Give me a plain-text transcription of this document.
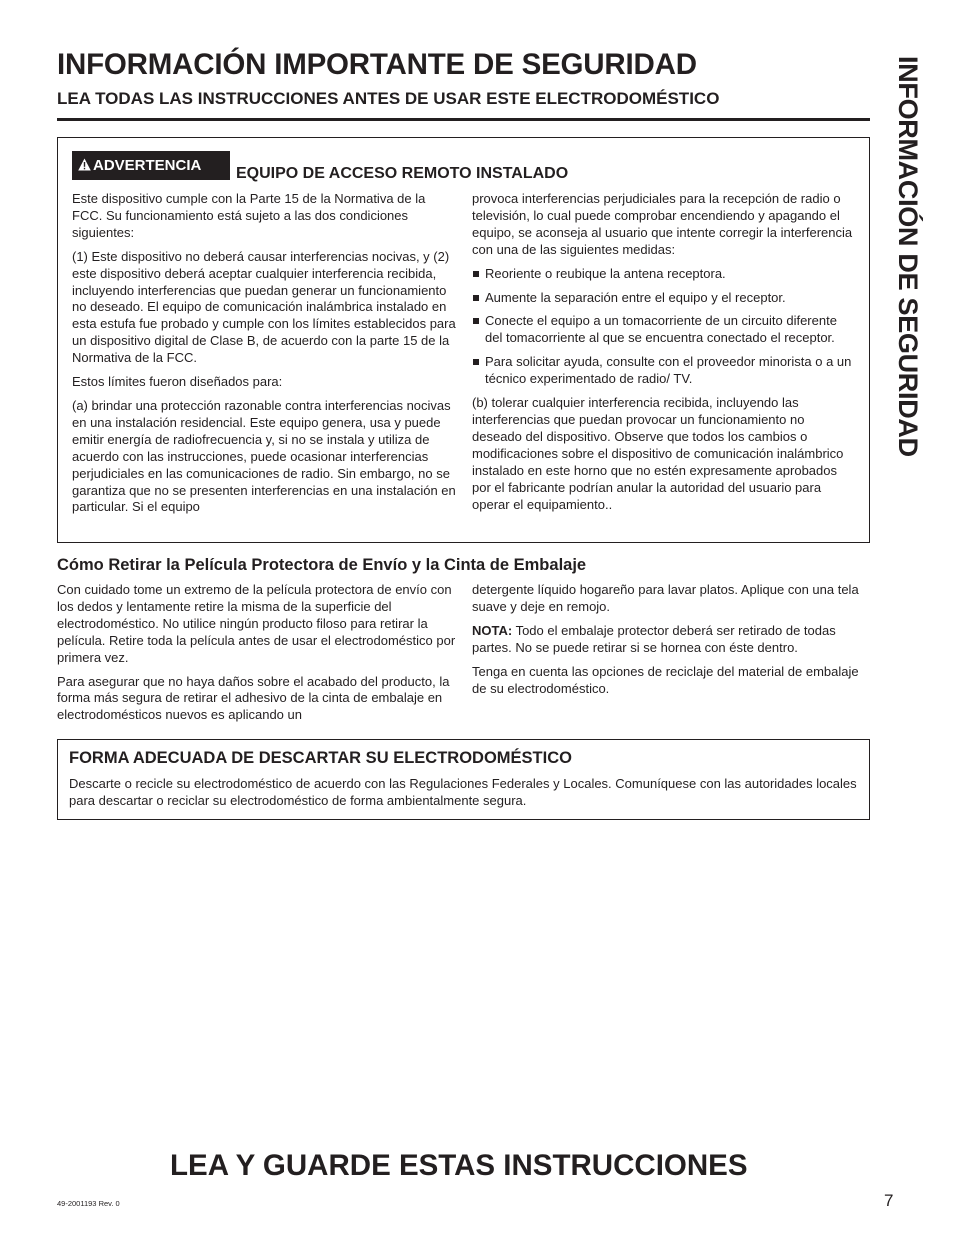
INFORMACIÓN IMPORTANTE DE SEGURIDAD
LEA TODAS LAS INSTRUCCIONES ANTES DE USAR ESTE ELECTRODOMÉSTICO	INFORMACIÓN DE SEGURIDAD
ADVERTENCIA EQUIPO DE ACCESO REMOTO INSTALADO

Este dispositivo cumple con la Parte 15 de la Normativa de la FCC. Su funcionamiento está sujeto a las dos condiciones siguientes:

(1) Este dispositivo no deberá causar interferencias nocivas, y (2) este dispositivo deberá aceptar cualquier interferencia recibida, incluyendo interferencias que puedan generar un funcionamiento no deseado. El equipo de comunicación inalámbrica instalado en esta estufa fue probado y cumple con los límites establecidos para un dispositivo digital de Clase B, de acuerdo con la parte 15 de la Normativa de la FCC.

Estos límites fueron diseñados para:

(a) brindar una protección razonable contra interferencias nocivas en una instalación residencial. Este equipo genera, usa y puede emitir energía de radiofrecuencia y, si no se instala y utiliza de acuerdo con las instrucciones, puede ocasionar interferencias perjudiciales en las comunicaciones de radio. Sin embargo, no se garantiza que no se presenten interferencias en una instalación en particular. Si el equipo

provoca interferencias perjudiciales para la recepción de radio o televisión, lo cual puede comprobar encendiendo y apagando el equipo, se aconseja al usuario que intente corregir la interferencia con una de las siguientes medidas:

Reoriente o reubique la antena receptora.
Aumente la separación entre el equipo y el receptor.
Conecte el equipo a un tomacorriente de un circuito diferente del tomacorriente al que se encuentra conectado el receptor.
Para solicitar ayuda, consulte con el proveedor minorista o a un técnico experimentado de radio/ TV.

(b) tolerar cualquier interferencia recibida, incluyendo las interferencias que puedan provocar un funcionamiento no deseado del dispositivo. Observe que todos los cambios o modificaciones sobre el dispositivo de comunicación inalámbrico instalado en este horno que no estén expresamente aprobados por el fabricante podrían anular la autoridad del usuario para operar el equipamiento..

Cómo Retirar la Película Protectora de Envío y la Cinta de Embalaje

Con cuidado tome un extremo de la película protectora de envío con los dedos y lentamente retire la misma de la superficie del electrodoméstico. No utilice ningún producto filoso para retirar la película. Retire toda la película antes de usar el electrodoméstico por primera vez.

Para asegurar que no haya daños sobre el acabado del producto, la forma más segura de retirar el adhesivo de la cinta de embalaje en electrodomésticos nuevos es aplicando un

detergente líquido hogareño para lavar platos. Aplique con una tela suave y deje en remojo.

NOTA: Todo el embalaje protector deberá ser retirado de todas partes. No se puede retirar si se hornea con éste dentro.

Tenga en cuenta las opciones de reciclaje del material de embalaje de su electrodoméstico.

FORMA ADECUADA DE DESCARTAR SU ELECTRODOMÉSTICO
Descarte o recicle su electrodoméstico de acuerdo con las Regulaciones Federales y Locales. Comuníquese con las autoridades locales para descartar o reciclar su electrodoméstico de forma ambientalmente segura.
LEA Y GUARDE ESTAS INSTRUCCIONES
49-2001193 Rev. 0	7
